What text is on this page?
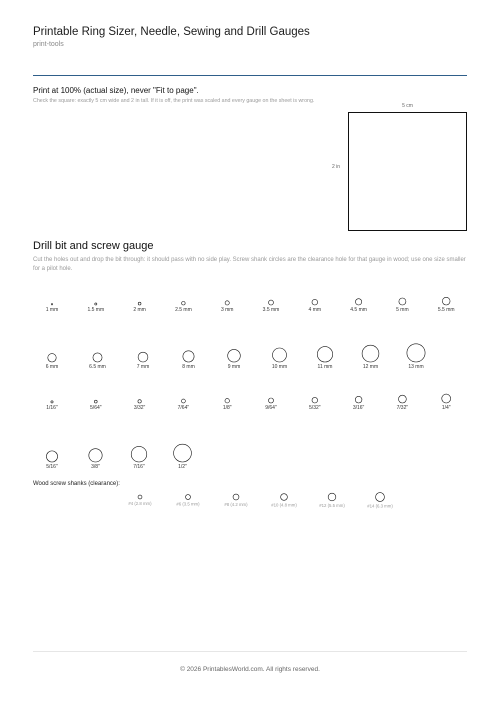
Printable Ring Sizer, Needle, Sewing and Drill Gauges
print-tools
Print at 100% (actual size), never "Fit to page".
Check the square: exactly 5 cm wide and 2 in tall. If it is off, the print was scaled and every gauge on the sheet is wrong.
5 cm
2 in
Drill bit and screw gauge
Cut the holes out and drop the bit through: it should pass with no side play. Screw shank circles are the clearance hole for that gauge in wood; use one size smaller for a pilot hole.
1 mm	1.5 mm	2 mm	2.5 mm	3 mm	3.5 mm	4 mm	4.5 mm	5 mm	5.5 mm
6 mm	6.5 mm	7 mm	8 mm	9 mm	10 mm	11 mm	12 mm	13 mm
1/16"	5/64"	3/32"	7/64"	1/8"	9/64"	5/32"	3/16"	7/32"	1/4"
5/16"	3/8"	7/16"	1/2"
#4 (2.8 mm)	#6 (3.5 mm)	#8 (4.2 mm)	#10 (4.8 mm)	#12 (5.5 mm)	#14 (6.3 mm)
Wood screw shanks (clearance):
© 2026 PrintablesWorld.com. All rights reserved.
